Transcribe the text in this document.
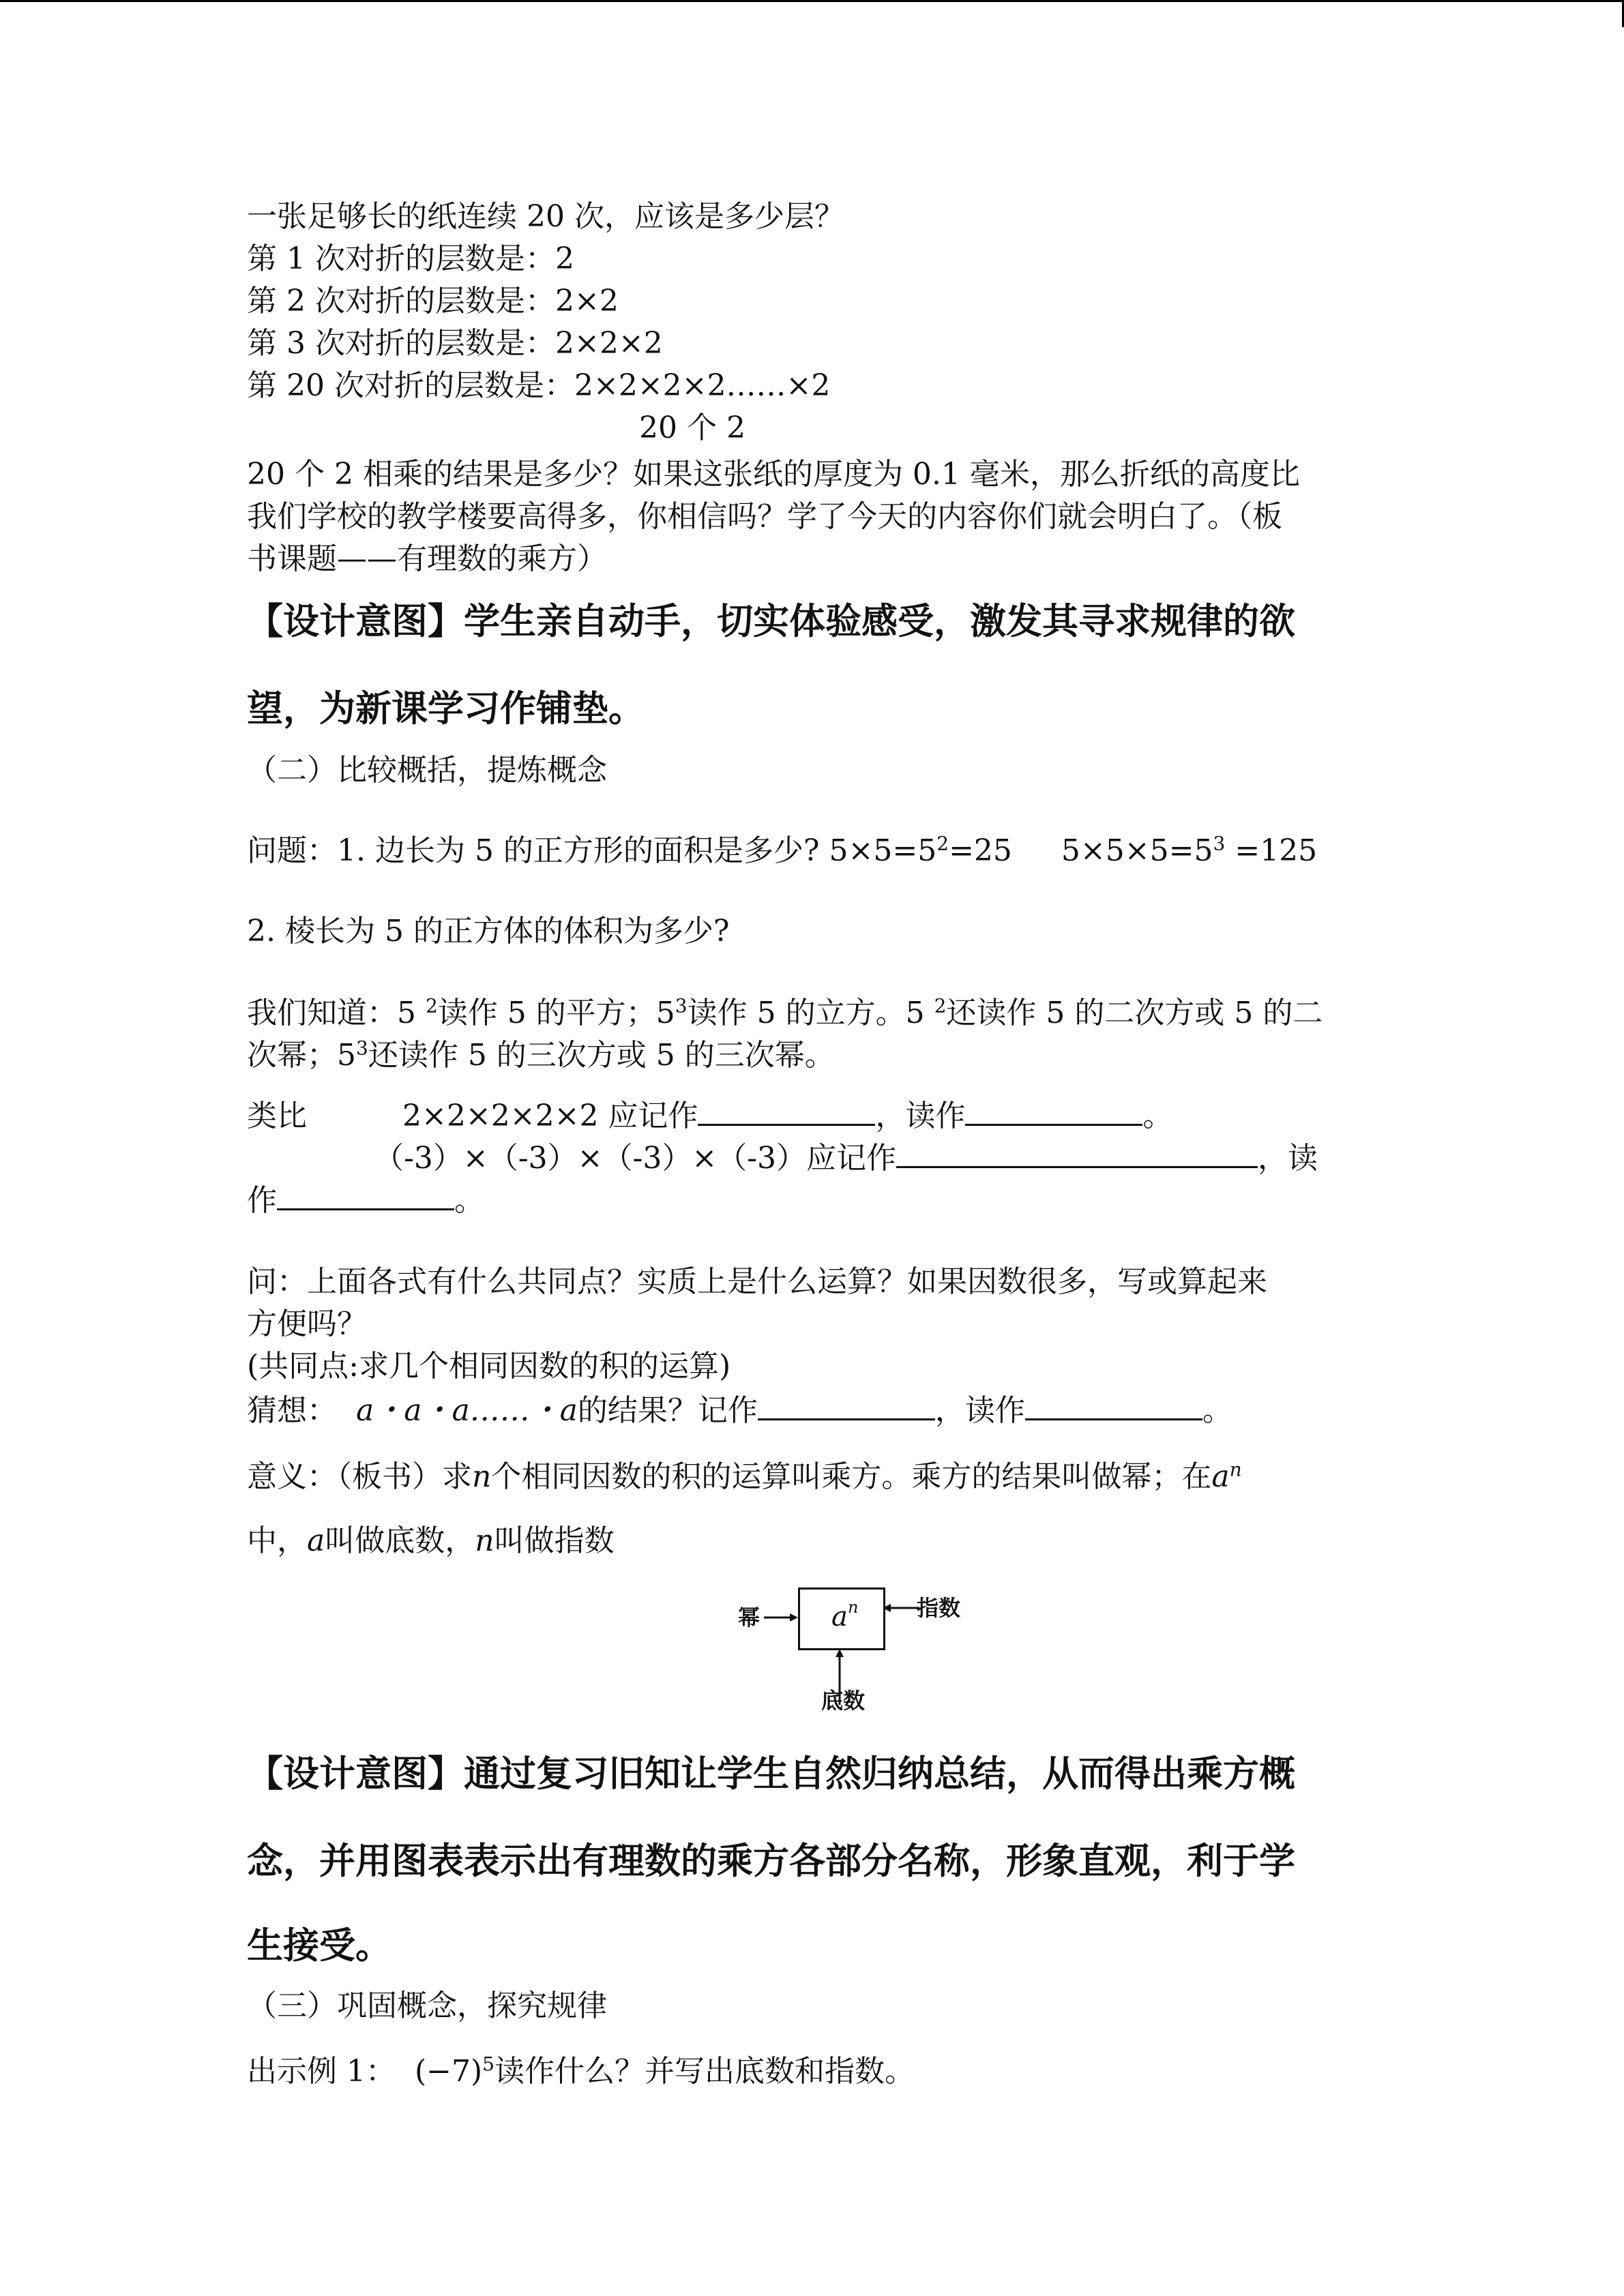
一张足够长的纸连续 20 次，应该是多少层？
第 1 次对折的层数是：2
第 2 次对折的层数是：2×2
第 3 次对折的层数是：2×2×2
第 20 次对折的层数是：2×2×2×2……×2
20 个 2
20 个 2 相乘的结果是多少？如果这张纸的厚度为 0.1 毫米，那么折纸的高度比
我们学校的教学楼要高得多，你相信吗？学了今天的内容你们就会明白了。（板
书课题——有理数的乘方）
【设计意图】学生亲自动手，切实体验感受，激发其寻求规律的欲
望，为新课学习作铺垫。
（二）比较概括，提炼概念
问题：1. 边长为 5 的正方形的面积是多少? $5\times 5=5^2=25$ 　 $5\times 5\times 5=5^3 =125$
2. 棱长为 5 的正方体的体积为多少?
我们知道：5 $^2$读作 5 的平方；$5^3$读作 5 的立方。5 $^2$还读作 5 的二次方或 5 的二
次幂；$5^3$还读作 5 的三次方或 5 的三次幂。
类比	2×2×2×2×2 应记作	，读作	。
（-3）×（-3）×（-3）×（-3）应记作	，读
作	。
问：上面各式有什么共同点？实质上是什么运算？如果因数很多，写或算起来
方便吗？
(共同点:求几个相同因数的积的运算)
猜想： a・a・a……・a的结果？记作	，读作	。
意义：（板书）求n个相同因数的积的运算叫乘方。乘方的结果叫做幂；在$a^n$
中，a叫做底数，n叫做指数
幂	a n	指数
底数
【设计意图】通过复习旧知让学生自然归纳总结，从而得出乘方概
念，并用图表表示出有理数的乘方各部分名称，形象直观，利于学
生接受。
（三）巩固概念，探究规律
出示例 1： $(-7)^5$读作什么？并写出底数和指数。
